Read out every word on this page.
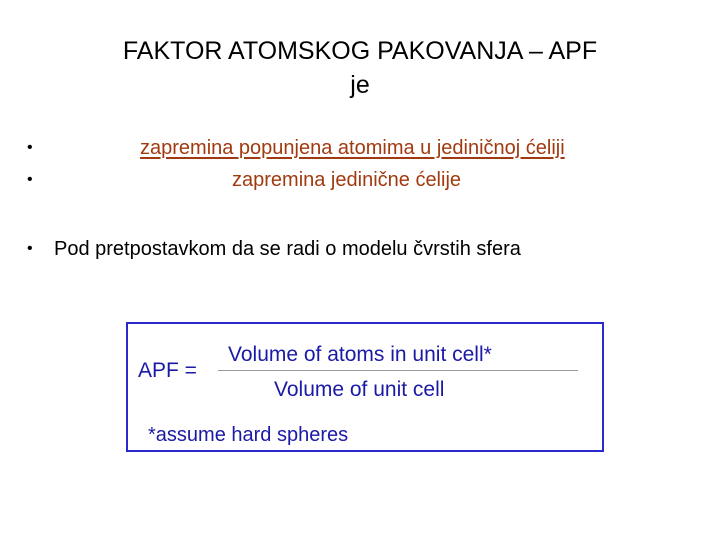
FAKTOR ATOMSKOG PAKOVANJA – APF
je
•	zapremina popunjena atomima u jediničnoj ćeliji
•	zapremina jedinične ćelije
• Pod pretpostavkom da se radi o modelu čvrstih sfera
APF =
Volume of atoms in unit cell*
Volume of unit cell
*assume hard spheres
